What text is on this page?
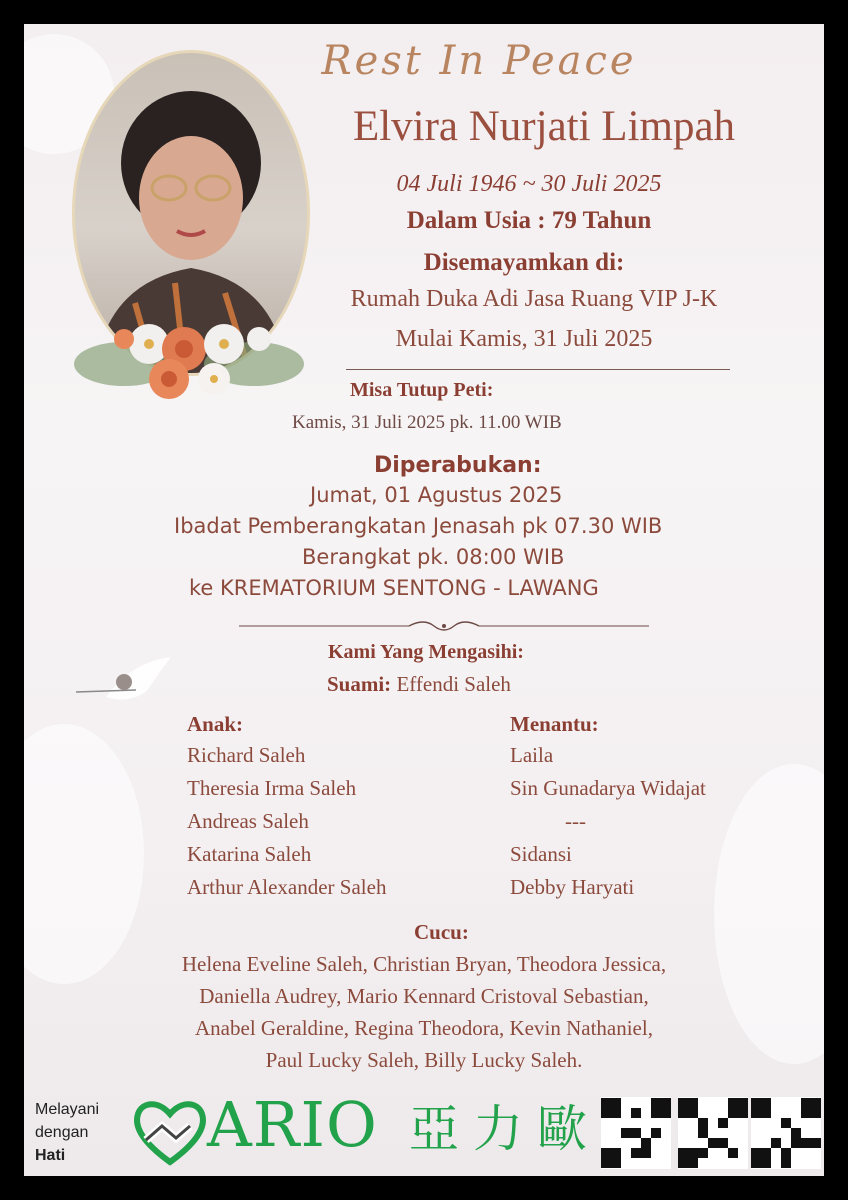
Rest In Peace
Elvira Nurjati Limpah
04 Juli 1946 ~ 30 Juli 2025
Dalam Usia : 79 Tahun
Disemayamkan di:
Rumah Duka Adi Jasa Ruang VIP J-K
Mulai Kamis, 31 Juli 2025
Misa Tutup Peti:
Kamis, 31 Juli 2025 pk. 11.00 WIB
Diperabukan:
Jumat, 01 Agustus 2025
Ibadat Pemberangkatan Jenasah pk 07.30 WIB
Berangkat pk. 08:00 WIB
ke KREMATORIUM SENTONG - LAWANG
Kami Yang Mengasihi:
Suami: Effendi Saleh
Anak:
Richard Saleh
Theresia Irma Saleh
Andreas Saleh
Katarina Saleh
Arthur Alexander Saleh
Menantu:
Laila
Sin Gunadarya Widajat
---
Sidansi
Debby Haryati
Cucu:
Helena Eveline Saleh, Christian Bryan, Theodora Jessica,
Daniella Audrey, Mario Kennard Cristoval Sebastian,
Anabel Geraldine, Regina Theodora, Kevin Nathaniel,
Paul Lucky Saleh, Billy Lucky Saleh.
Melayani
dengan
Hati ARIO 亞力歐
